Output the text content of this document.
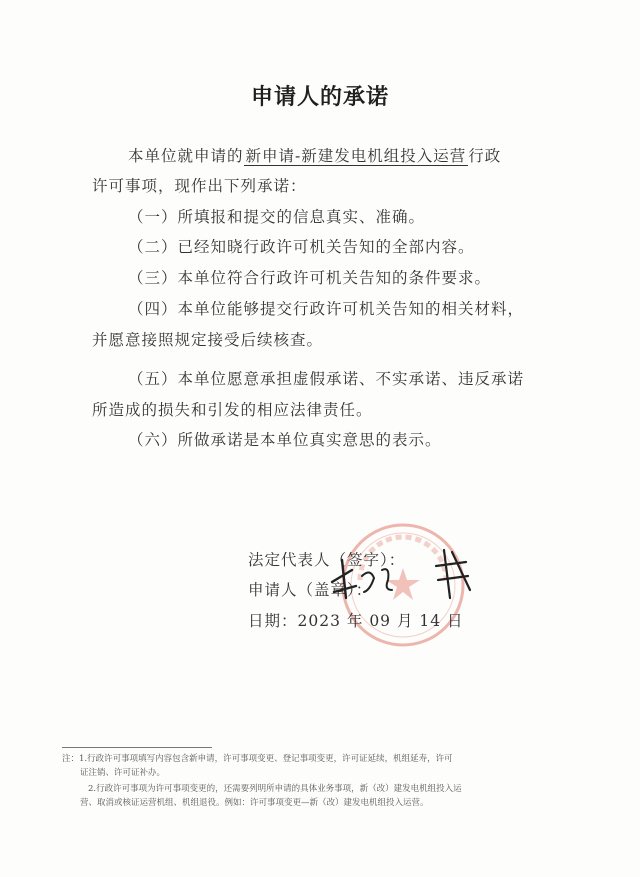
申请人的承诺
本单位就申请的 新申请-新建发电机组投入运营 行政
许可事项，现作出下列承诺：
（一）所填报和提交的信息真实、准确。
（二）已经知晓行政许可机关告知的全部内容。
（三）本单位符合行政许可机关告知的条件要求。
（四）本单位能够提交行政许可机关告知的相关材料，
并愿意接照规定接受后续核查。
（五）本单位愿意承担虚假承诺、不实承诺、违反承诺
所造成的损失和引发的相应法律责任。
（六）所做承诺是本单位真实意思的表示。
法定代表人（签字）：
申请人（盖章）：
日期：2023 年 09 月 14 日
注：1.行政许可事项填写内容包含新申请，许可事项变更、登记事项变更，许可证延续，机组延寿，许可
证注销、许可证补办。
2.行政许可事项为许可事项变更的，还需要列明所申请的具体业务事项，新（改）建发电机组投入运
营、取消或核证运营机组、机组退役。例如：许可事项变更—新（改）建发电机组投入运营。
